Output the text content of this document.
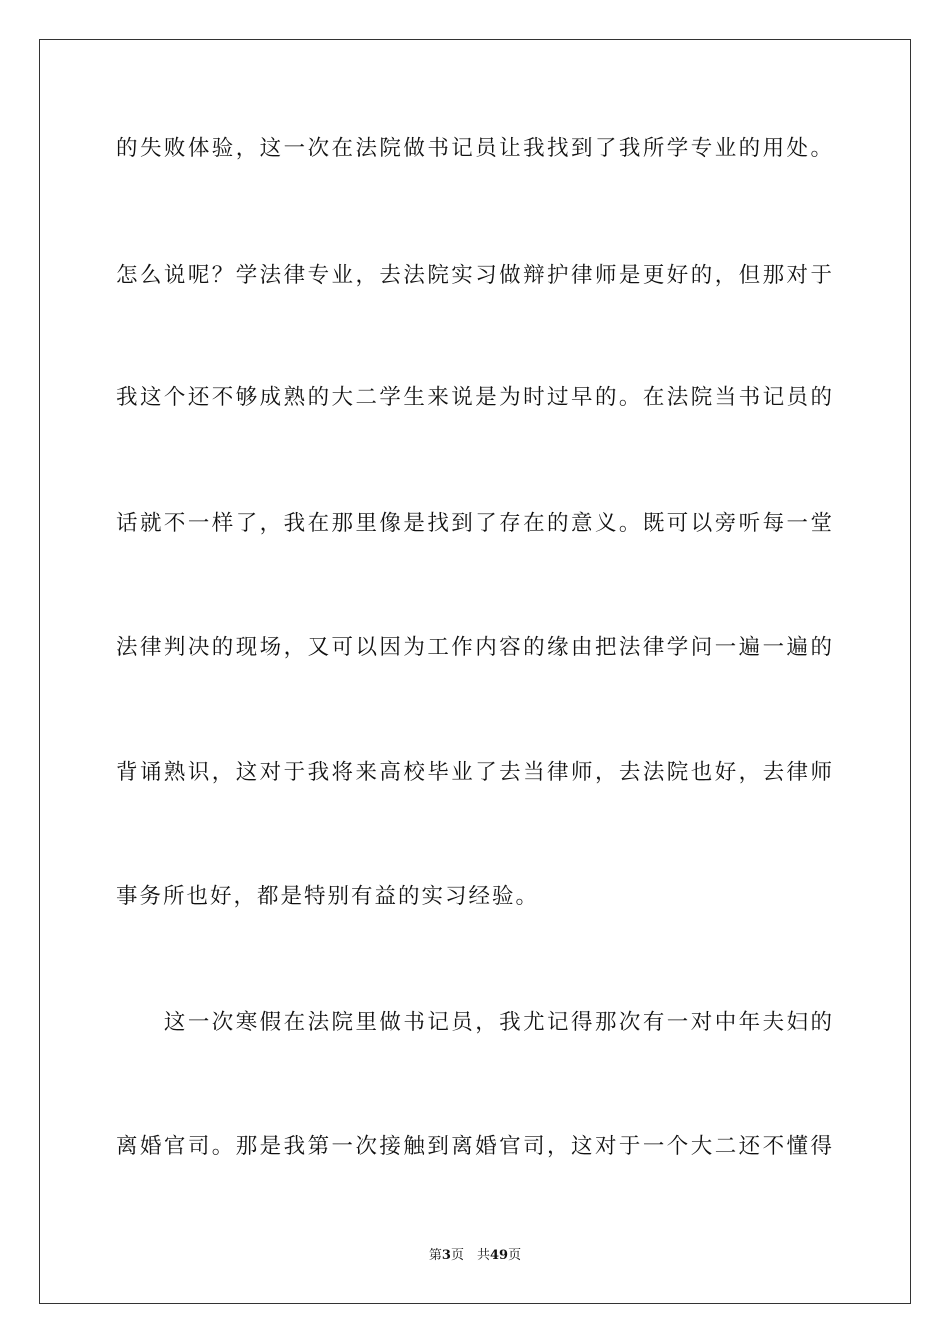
的失败体验，这一次在法院做书记员让我找到了我所学专业的用处。
怎么说呢？学法律专业，去法院实习做辩护律师是更好的，但那对于
我这个还不够成熟的大二学生来说是为时过早的。在法院当书记员的
话就不一样了，我在那里像是找到了存在的意义。既可以旁听每一堂
法律判决的现场，又可以因为工作内容的缘由把法律学问一遍一遍的
背诵熟识，这对于我将来高校毕业了去当律师，去法院也好，去律师
事务所也好，都是特别有益的实习经验。
　　这一次寒假在法院里做书记员，我尤记得那次有一对中年夫妇的
离婚官司。那是我第一次接触到离婚官司，这对于一个大二还不懂得
第3页　共49页
